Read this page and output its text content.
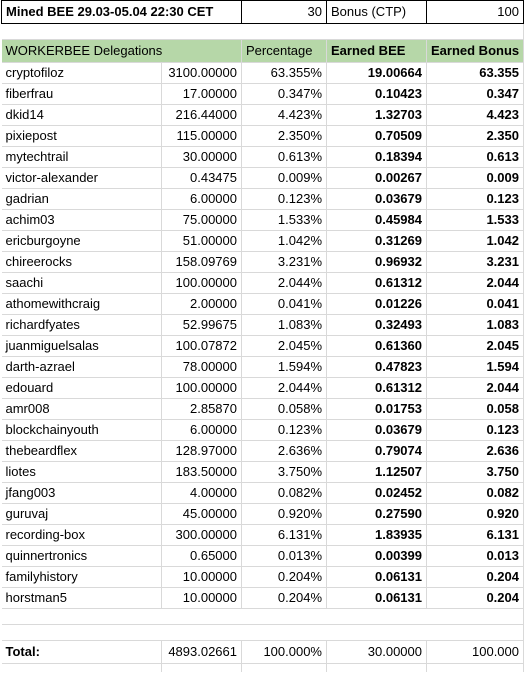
Mined BEE 29.03-05.04 22:30 CET		30	Bonus (CTP)	100

WORKERBEE Delegations		Percentage	Earned BEE	Earned Bonus
cryptofiloz	3100.00000	63.355%	19.00664	63.355
fiberfrau	17.00000	0.347%	0.10423	0.347
dkid14	216.44000	4.423%	1.32703	4.423
pixiepost	115.00000	2.350%	0.70509	2.350
mytechtrail	30.00000	0.613%	0.18394	0.613
victor-alexander	0.43475	0.009%	0.00267	0.009
gadrian	6.00000	0.123%	0.03679	0.123
achim03	75.00000	1.533%	0.45984	1.533
ericburgoyne	51.00000	1.042%	0.31269	1.042
chireerocks	158.09769	3.231%	0.96932	3.231
saachi	100.00000	2.044%	0.61312	2.044
athomewithcraig	2.00000	0.041%	0.01226	0.041
richardfyates	52.99675	1.083%	0.32493	1.083
juanmiguelsalas	100.07872	2.045%	0.61360	2.045
darth-azrael	78.00000	1.594%	0.47823	1.594
edouard	100.00000	2.044%	0.61312	2.044
amr008	2.85870	0.058%	0.01753	0.058
blockchainyouth	6.00000	0.123%	0.03679	0.123
thebeardflex	128.97000	2.636%	0.79074	2.636
liotes	183.50000	3.750%	1.12507	3.750
jfang003	4.00000	0.082%	0.02452	0.082
guruvaj	45.00000	0.920%	0.27590	0.920
recording-box	300.00000	6.131%	1.83935	6.131
quinnertronics	0.65000	0.013%	0.00399	0.013
familyhistory	10.00000	0.204%	0.06131	0.204
horstman5	10.00000	0.204%	0.06131	0.204

Total:	4893.02661	100.000%	30.00000	100.000
